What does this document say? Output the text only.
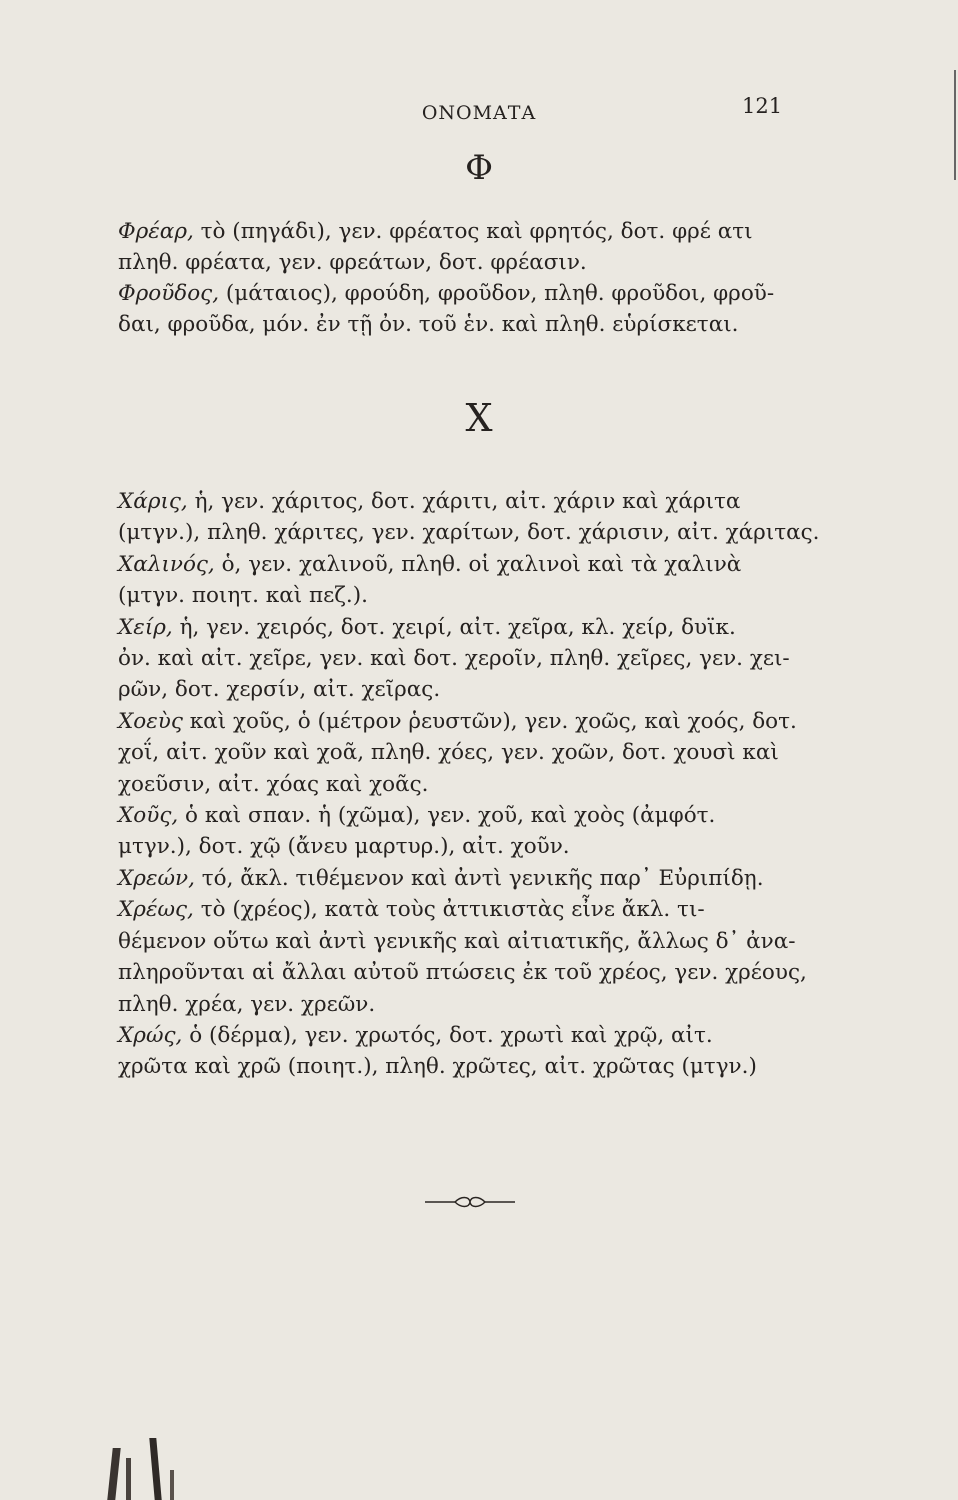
ΟΝΟΜΑΤΑ	121
Φ
Φρέαρ, τὸ (πηγάδι), γεν. φρέατος καὶ φρητός, δοτ. φρέ ατι
πληθ. φρέατα, γεν. φρεάτων, δοτ. φρέασιν.
Φροῦδος, (μάταιος), φρούδη, φροῦδον, πληθ. φροῦδοι, φροῦ-
δαι, φροῦδα, μόν. ἐν τῇ ὀν. τοῦ ἑν. καὶ πληθ. εὑρίσκεται.
Χ
Χάρις, ἡ, γεν. χάριτος, δοτ. χάριτι, αἰτ. χάριν καὶ χάριτα
(μτγν.), πληθ. χάριτες, γεν. χαρίτων, δοτ. χάρισιν, αἰτ. χάριτας.
Χαλινός, ὁ, γεν. χαλινοῦ, πληθ. οἱ χαλινοὶ καὶ τὰ χαλινὰ
(μτγν. ποιητ. καὶ πεζ.).
Χείρ, ἡ, γεν. χειρός, δοτ. χειρί, αἰτ. χεῖρα, κλ. χείρ, δυϊκ.
ὀν. καὶ αἰτ. χεῖρε, γεν. καὶ δοτ. χεροῖν, πληθ. χεῖρες, γεν. χει-
ρῶν, δοτ. χερσίν, αἰτ. χεῖρας.
Χοεὺς καὶ χοῦς, ὁ (μέτρον ῥευστῶν), γεν. χοῶς, καὶ χοός, δοτ.
χοΐ, αἰτ. χοῦν καὶ χοᾶ, πληθ. χόες, γεν. χοῶν, δοτ. χουσὶ καὶ
χοεῦσιν, αἰτ. χόας καὶ χοᾶς.
Χοῦς, ὁ καὶ σπαν. ἡ (χῶμα), γεν. χοῦ, καὶ χοὸς (ἀμφότ.
μτγν.), δοτ. χῷ (ἄνευ μαρτυρ.), αἰτ. χοῦν.
Χρεών, τό, ἄκλ. τιθέμενον καὶ ἀντὶ γενικῆς παρ᾽ Εὐριπίδῃ.
Χρέως, τὸ (χρέος), κατὰ τοὺς ἀττικιστὰς εἶνε ἄκλ. τι-
θέμενον οὕτω καὶ ἀντὶ γενικῆς καὶ αἰτιατικῆς, ἄλλως δ᾽ ἀνα-
πληροῦνται αἱ ἄλλαι αὐτοῦ πτώσεις ἐκ τοῦ χρέος, γεν. χρέους,
πληθ. χρέα, γεν. χρεῶν.
Χρώς, ὁ (δέρμα), γεν. χρωτός, δοτ. χρωτὶ καὶ χρῷ, αἰτ.
χρῶτα καὶ χρῶ (ποιητ.), πληθ. χρῶτες, αἰτ. χρῶτας (μτγν.)
